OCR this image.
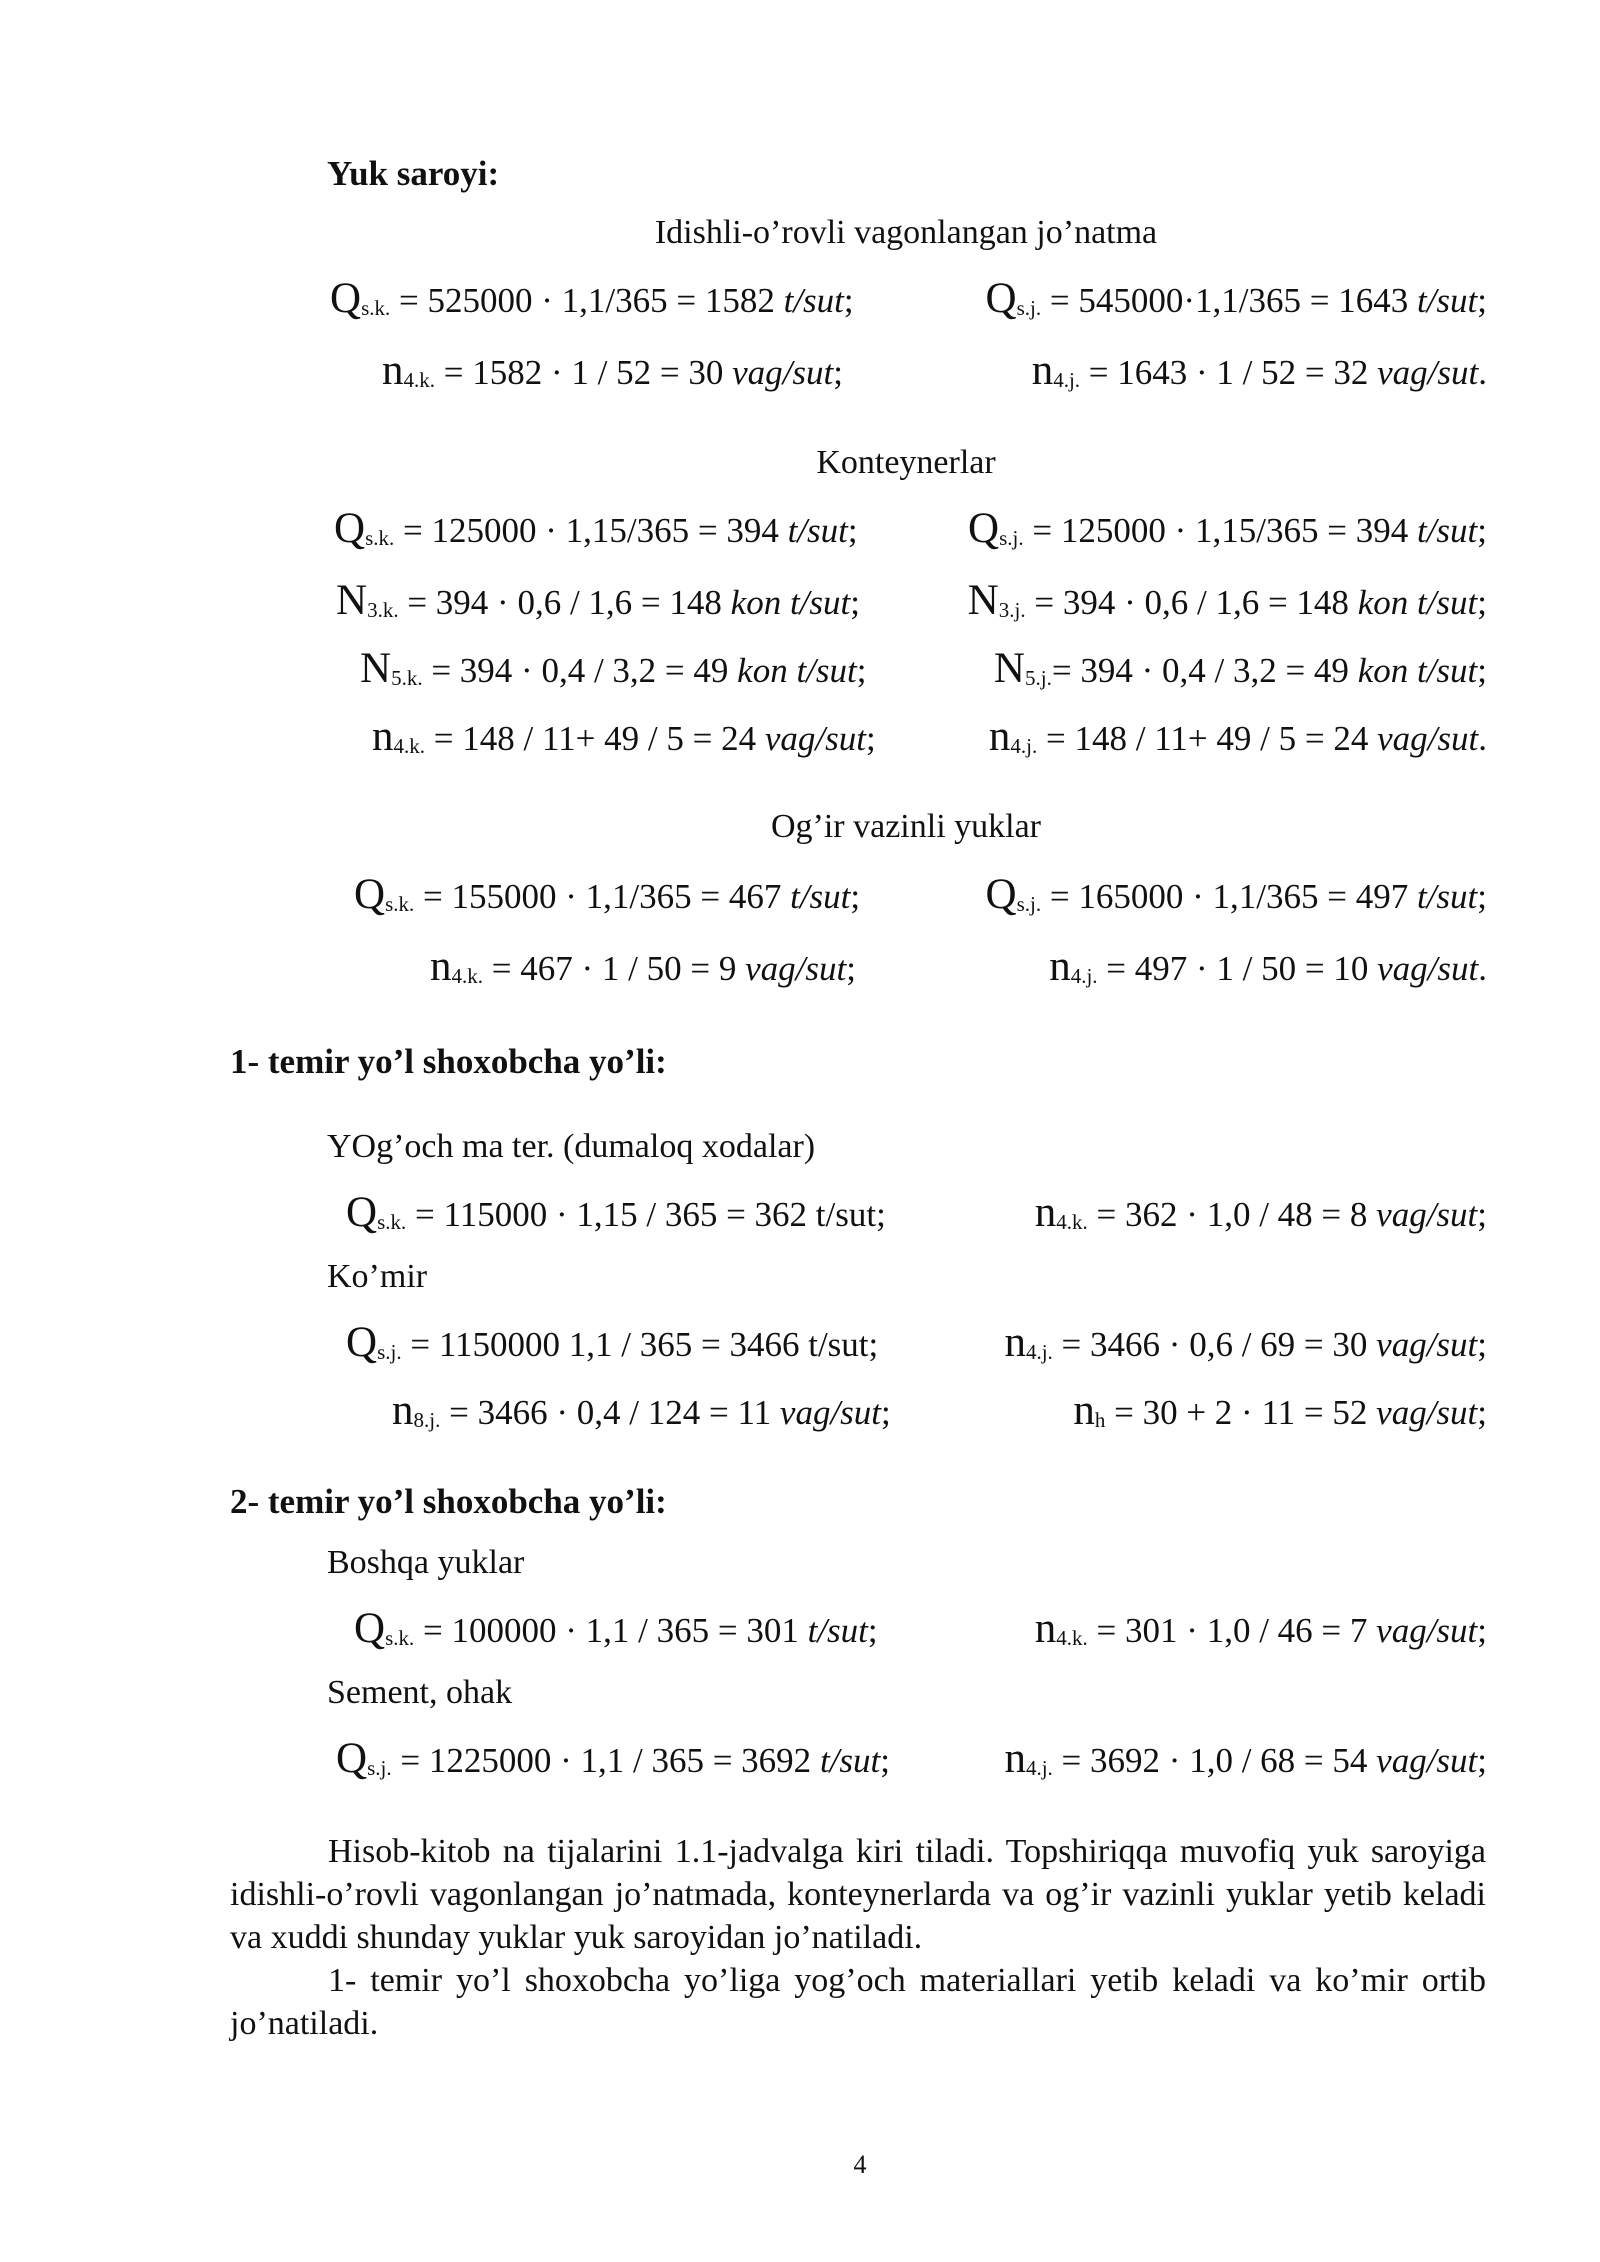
Yuk saroyi:
Idishli-o’rovli vagonlangan jo’natma
Qs.k. = 525000 · 1,1/365 = 1582 t/sut;	Qs.j. = 545000·1,1/365 = 1643 t/sut;
n4.k. = 1582 · 1 / 52 = 30 vag/sut;	n4.j. = 1643 · 1 / 52 = 32 vag/sut.
Konteynerlar
Qs.k. = 125000 · 1,15/365 = 394 t/sut;	Qs.j. = 125000 · 1,15/365 = 394 t/sut;
N3.k. = 394 · 0,6 / 1,6 = 148 kon t/sut;	N3.j. = 394 · 0,6 / 1,6 = 148 kon t/sut;
N5.k. = 394 · 0,4 / 3,2 = 49 kon t/sut;	N5.j.= 394 · 0,4 / 3,2 = 49 kon t/sut;
n4.k. = 148 / 11+ 49 / 5 = 24 vag/sut;	n4.j. = 148 / 11+ 49 / 5 = 24 vag/sut.
Og’ir vazinli yuklar
Qs.k. = 155000 · 1,1/365 = 467 t/sut;	Qs.j. = 165000 · 1,1/365 = 497 t/sut;
n4.k. = 467 · 1 / 50 = 9 vag/sut;	n4.j. = 497 · 1 / 50 = 10 vag/sut.
1- temir yo’l shoxobcha yo’li:
YOg’och ma ter. (dumaloq xodalar)
Qs.k. = 115000 · 1,15 / 365 = 362 t/sut;	n4.k. = 362 · 1,0 / 48 = 8 vag/sut;
Ko’mir
Qs.j. = 1150000 1,1 / 365 = 3466 t/sut;	n4.j. = 3466 · 0,6 / 69 = 30 vag/sut;
n8.j. = 3466 · 0,4 / 124 = 11 vag/sut;	nh = 30 + 2 · 11 = 52 vag/sut;
2- temir yo’l shoxobcha yo’li:
Boshqa yuklar
Qs.k. = 100000 · 1,1 / 365 = 301 t/sut;	n4.k. = 301 · 1,0 / 46 = 7 vag/sut;
Sement, ohak
Qs.j. = 1225000 · 1,1 / 365 = 3692 t/sut;	n4.j. = 3692 · 1,0 / 68 = 54 vag/sut;
Hisob-kitob na tijalarini 1.1-jadvalga kiri tiladi. Topshiriqqa muvofiq yuk saroyiga idishli-o’rovli vagonlangan jo’natmada, konteynerlarda va og’ir vazinli yuklar yetib keladi va xuddi shunday yuklar yuk saroyidan jo’natiladi.
1- temir yo’l shoxobcha yo’liga yog’och materiallari yetib keladi va ko’mir ortib jo’natiladi.
4
